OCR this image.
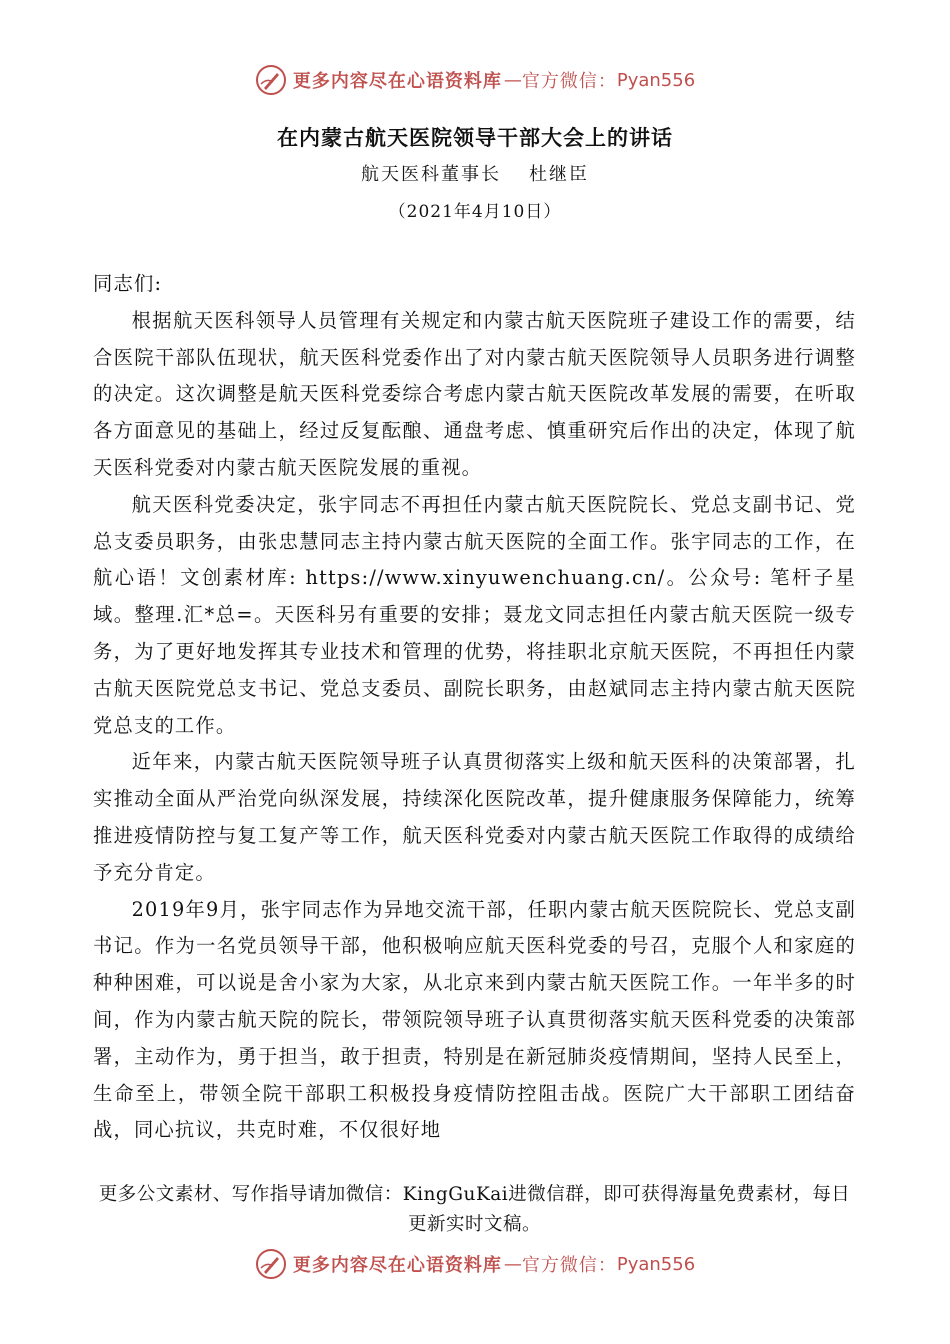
更多内容尽在心语资料库 — 官方微信： Pyan556
在内蒙古航天医院领导干部大会上的讲话
航天医科董事长 杜继臣
（2021年4月10日）

同志们:

根据航天医科领导人员管理有关规定和内蒙古航天医院班子建设工作的需要，结合医院干部队伍现状，航天医科党委作出了对内蒙古航天医院领导人员职务进行调整的决定。这次调整是航天医科党委综合考虑内蒙古航天医院改革发展的需要，在听取各方面意见的基础上，经过反复酝酿、通盘考虑、慎重研究后作出的决定，体现了航天医科党委对内蒙古航天医院发展的重视。

航天医科党委决定，张宇同志不再担任内蒙古航天医院院长、党总支副书记、党总支委员职务，由张忠慧同志主持内蒙古航天医院的全面工作。张宇同志的工作，在航心语！文创素材库: https://www.xinyuwenchuang.cn/。公众号: 笔杆子星域。整理.汇*总=。天医科另有重要的安排；聂龙文同志担任内蒙古航天医院一级专务，为了更好地发挥其专业技术和管理的优势，将挂职北京航天医院，不再担任内蒙古航天医院党总支书记、党总支委员、副院长职务，由赵斌同志主持内蒙古航天医院党总支的工作。

近年来，内蒙古航天医院领导班子认真贯彻落实上级和航天医科的决策部署，扎实推动全面从严治党向纵深发展，持续深化医院改革，提升健康服务保障能力，统筹推进疫情防控与复工复产等工作，航天医科党委对内蒙古航天医院工作取得的成绩给予充分肯定。

2019年9月，张宇同志作为异地交流干部，任职内蒙古航天医院院长、党总支副书记。作为一名党员领导干部，他积极响应航天医科党委的号召，克服个人和家庭的种种困难，可以说是舍小家为大家，从北京来到内蒙古航天医院工作。一年半多的时间，作为内蒙古航天院的院长，带领院领导班子认真贯彻落实航天医科党委的决策部署，主动作为，勇于担当，敢于担责，特别是在新冠肺炎疫情期间，坚持人民至上，生命至上，带领全院干部职工积极投身疫情防控阻击战。医院广大干部职工团结奋战，同心抗议，共克时难，不仅很好地

更多公文素材、写作指导请加微信：KingGuKai进微信群，即可获得海量免费素材，每日更新实时文稿。
更多内容尽在心语资料库 — 官方微信： Pyan556
